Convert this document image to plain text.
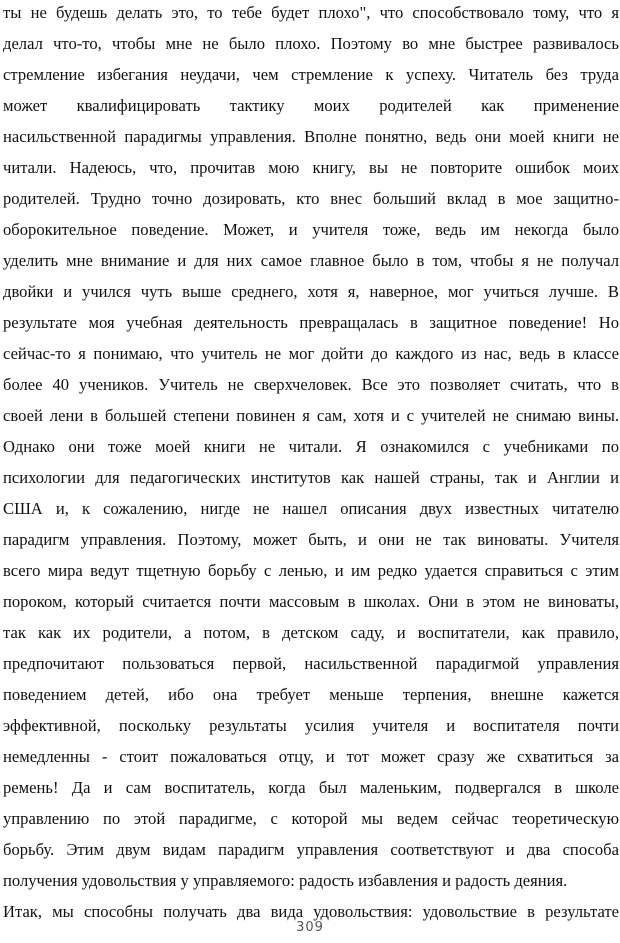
ты не будешь делать это, то тебе будет плохо", что способствовало тому, что я
делал что-то, чтобы мне не было плохо. Поэтому во мне быстрее развивалось
стремление избегания неудачи, чем стремление к успеху. Читатель без труда
может квалифицировать тактику моих родителей как применение
насильственной парадигмы управления. Вполне понятно, ведь они моей книги не
читали. Надеюсь, что, прочитав мою книгу, вы не повторите ошибок моих
родителей. Трудно точно дозировать, кто внес больший вклад в мое защитно-
оборокительное поведение. Может, и учителя тоже, ведь им некогда было
уделить мне внимание и для них самое главное было в том, чтобы я не получал
двойки и учился чуть выше среднего, хотя я, наверное, мог учиться лучше. В
результате моя учебная деятельность превращалась в защитное поведение! Но
сейчас-то я понимаю, что учитель не мог дойти до каждого из нас, ведь в классе
более 40 учеников. Учитель не сверхчеловек. Все это позволяет считать, что в
своей лени в большей степени повинен я сам, хотя и с учителей не снимаю вины.
Однако они тоже моей книги не читали. Я ознакомился с учебниками по
психологии для педагогических институтов как нашей страны, так и Англии и
США и, к сожалению, нигде не нашел описания двух известных читателю
парадигм управления. Поэтому, может быть, и они не так виноваты. Учителя
всего мира ведут тщетную борьбу с ленью, и им редко удается справиться с этим
пороком, который считается почти массовым в школах. Они в этом не виноваты,
так как их родители, а потом, в детском саду, и воспитатели, как правило,
предпочитают пользоваться первой, насильственной парадигмой управления
поведением детей, ибо она требует меньше терпения, внешне кажется
эффективной, поскольку результаты усилия учителя и воспитателя почти
немедленны - стоит пожаловаться отцу, и тот может сразу же схватиться за
ремень! Да и сам воспитатель, когда был маленьким, подвергался в школе
управлению по этой парадигме, с которой мы ведем сейчас теоретическую
борьбу. Этим двум видам парадигм управления соответствуют и два способа
получения удовольствия у управляемого: радость избавления и радость деяния.
Итак, мы способны получать два вида удовольствия: удовольствие в результате
309
